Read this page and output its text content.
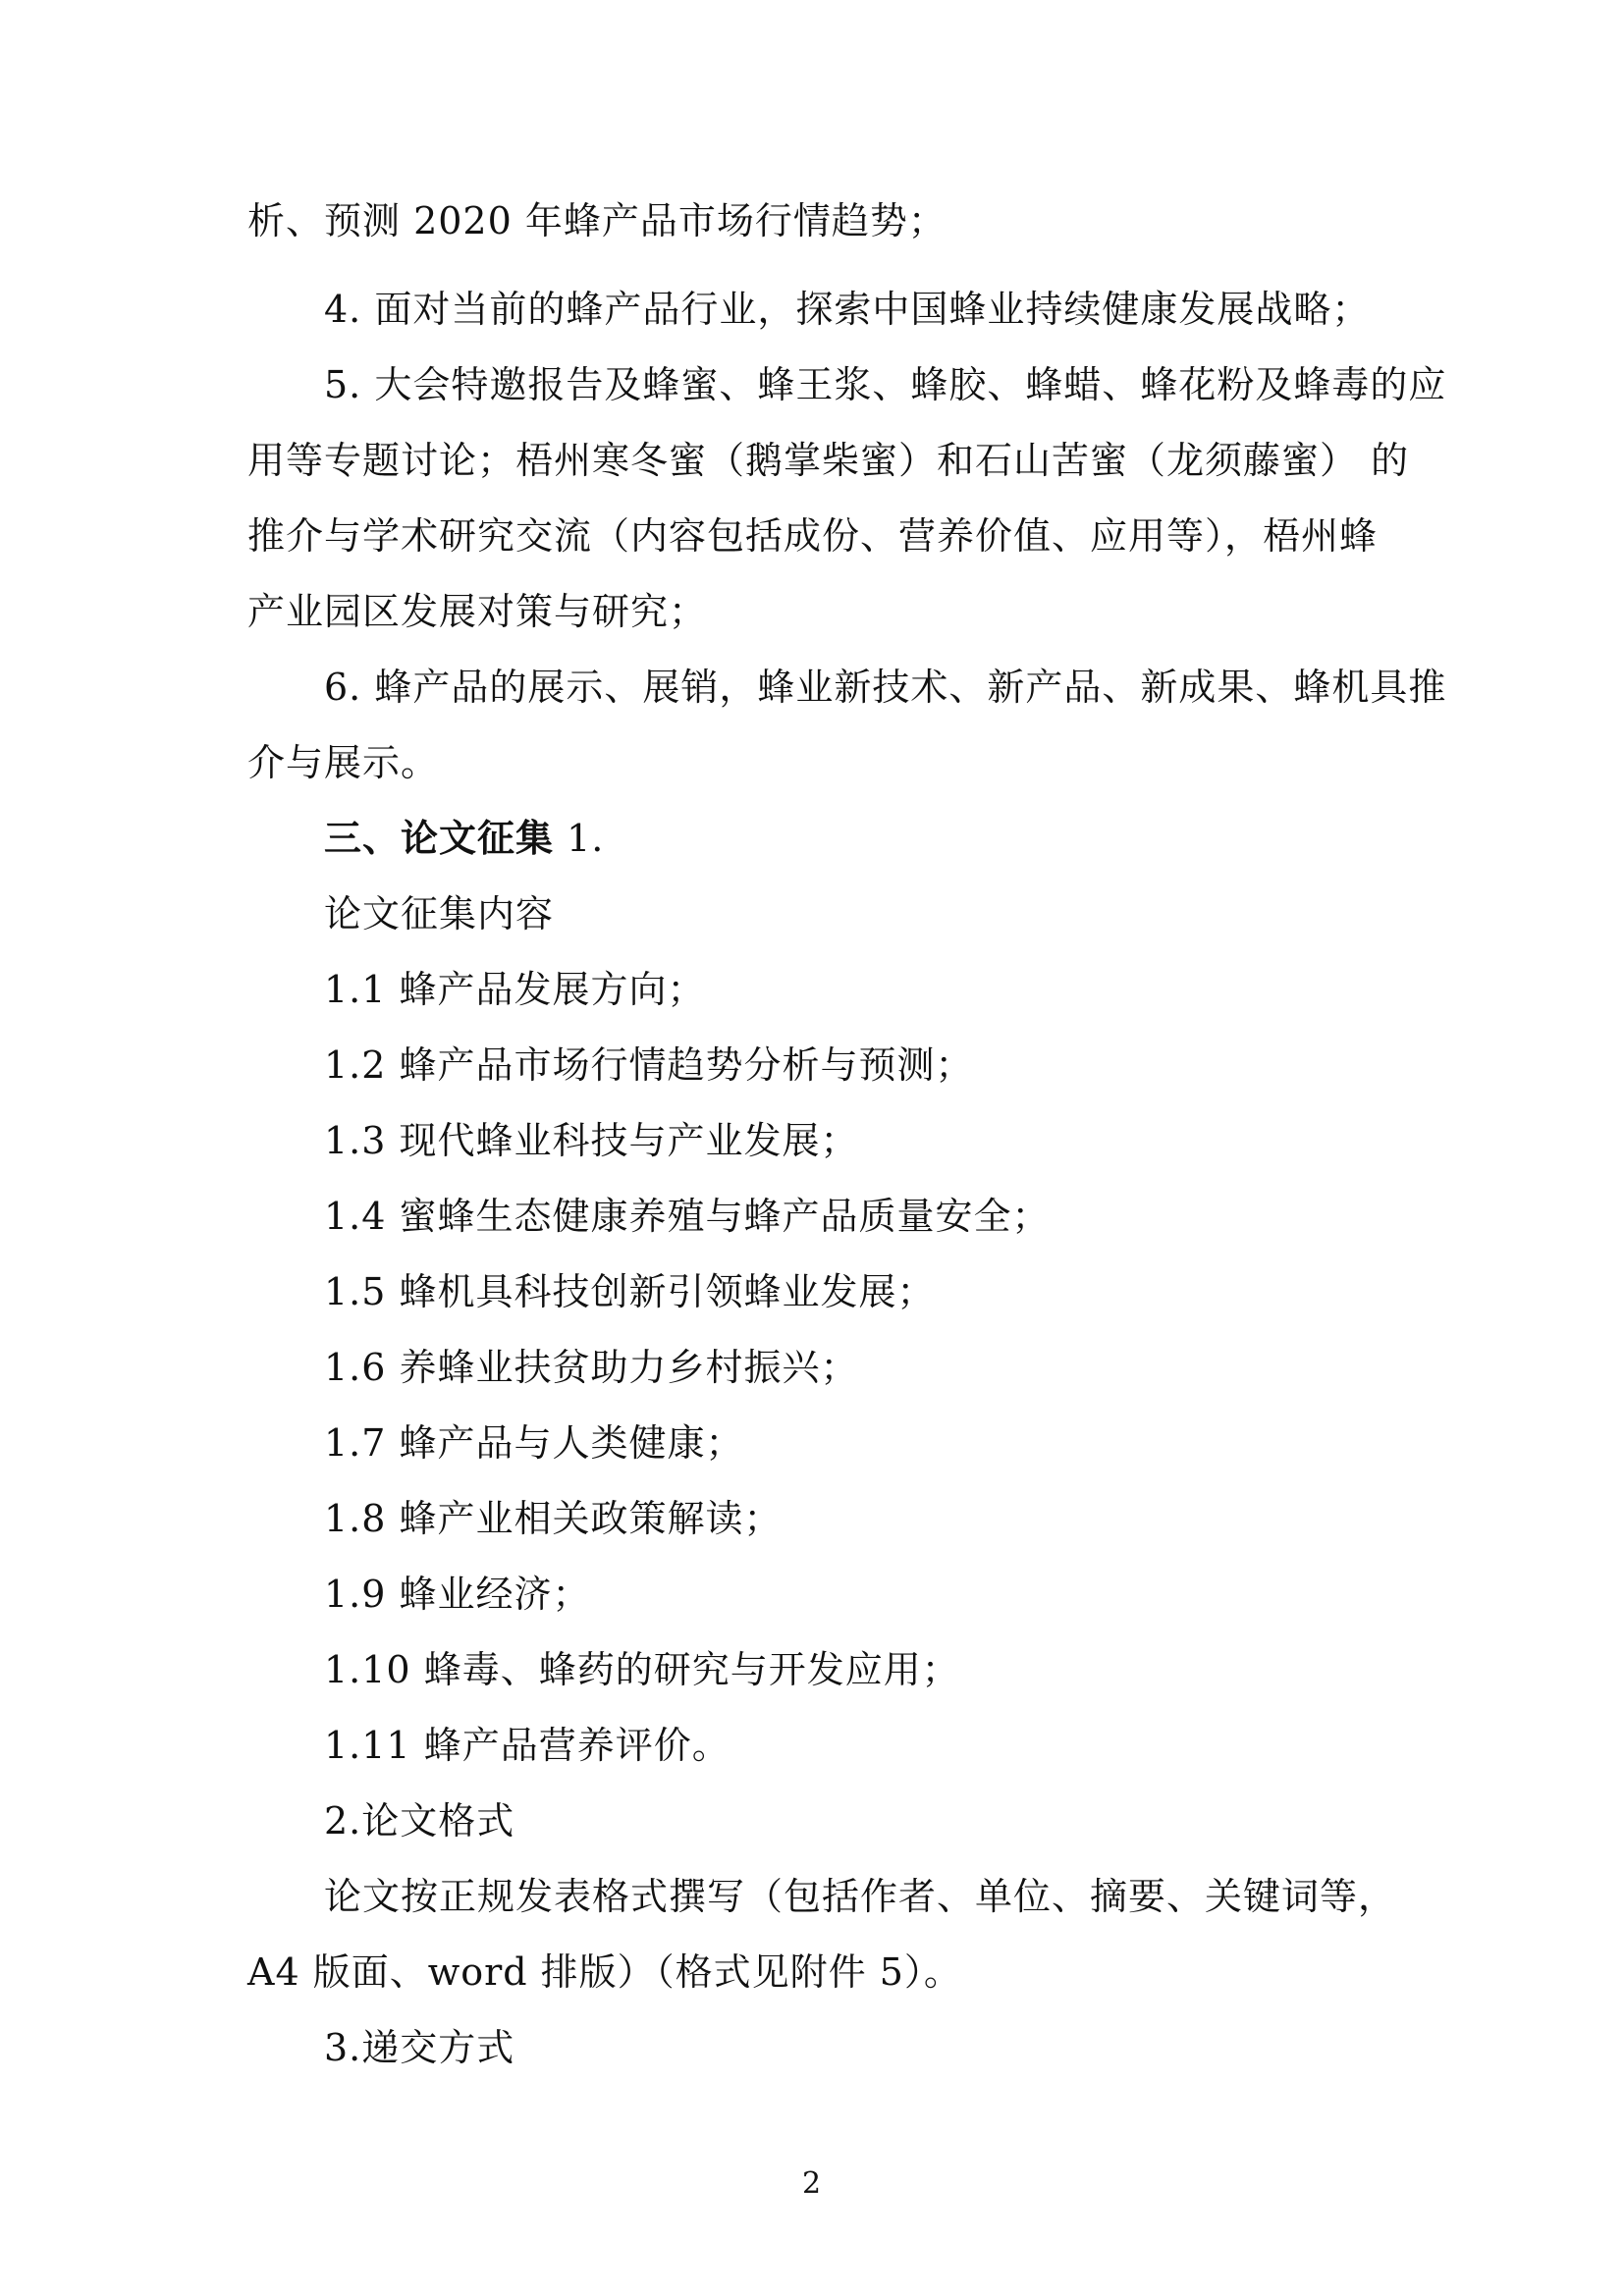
析、预测 2020 年蜂产品市场行情趋势；
4. 面对当前的蜂产品行业，探索中国蜂业持续健康发展战略；
5. 大会特邀报告及蜂蜜、蜂王浆、蜂胶、蜂蜡、蜂花粉及蜂毒的应
用等专题讨论；梧州寒冬蜜（鹅掌柴蜜）和石山苦蜜（龙须藤蜜） 的
推介与学术研究交流（内容包括成份、营养价值、应用等），梧州蜂
产业园区发展对策与研究；
6. 蜂产品的展示、展销，蜂业新技术、新产品、新成果、蜂机具推
介与展示。
三、论文征集 1.
论文征集内容
1.1 蜂产品发展方向；
1.2 蜂产品市场行情趋势分析与预测；
1.3 现代蜂业科技与产业发展；
1.4 蜜蜂生态健康养殖与蜂产品质量安全；
1.5 蜂机具科技创新引领蜂业发展；
1.6 养蜂业扶贫助力乡村振兴；
1.7 蜂产品与人类健康；
1.8 蜂产业相关政策解读；
1.9 蜂业经济；
1.10 蜂毒、蜂药的研究与开发应用；
1.11 蜂产品营养评价。
2.论文格式
论文按正规发表格式撰写（包括作者、单位、摘要、关键词等，
A4 版面、word 排版）（格式见附件 5）。
3.递交方式
2
